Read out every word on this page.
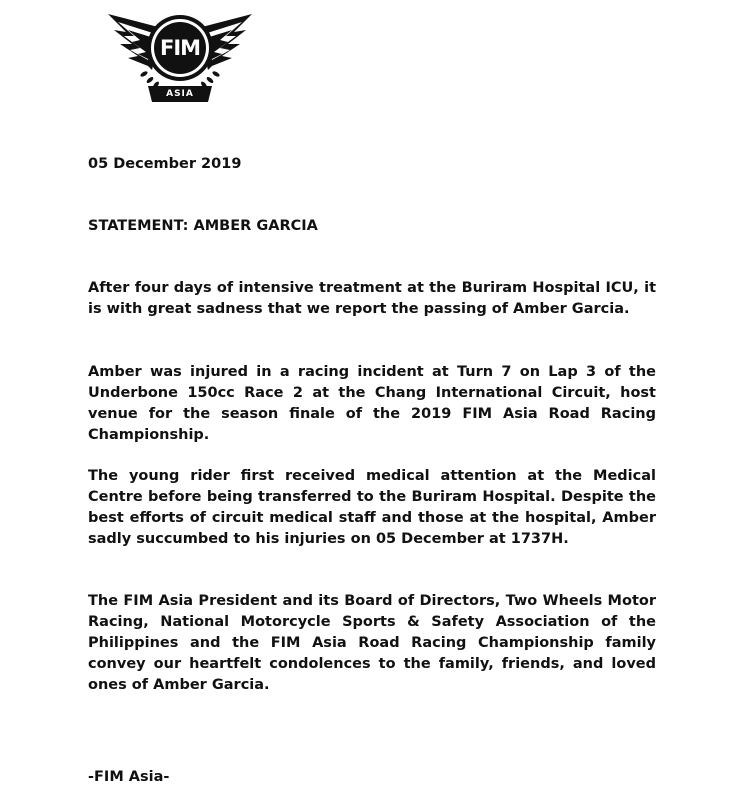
FIM
ASIA
05 December 2019
STATEMENT: AMBER GARCIA

After four days of intensive treatment at the Buriram Hospital ICU, it is with great sadness that we report the passing of Amber Garcia.

Amber was injured in a racing incident at Turn 7 on Lap 3 of the Underbone 150cc Race 2 at the Chang International Circuit, host venue for the season finale of the 2019 FIM Asia Road Racing Championship.

The young rider first received medical attention at the Medical Centre before being transferred to the Buriram Hospital. Despite the best efforts of circuit medical staff and those at the hospital, Amber sadly succumbed to his injuries on 05 December at 1737H.

The FIM Asia President and its Board of Directors, Two Wheels Motor Racing, National Motorcycle Sports & Safety Association of the Philippines and the FIM Asia Road Racing Championship family convey our heartfelt condolences to the family, friends, and loved ones of Amber Garcia.

-FIM Asia-
